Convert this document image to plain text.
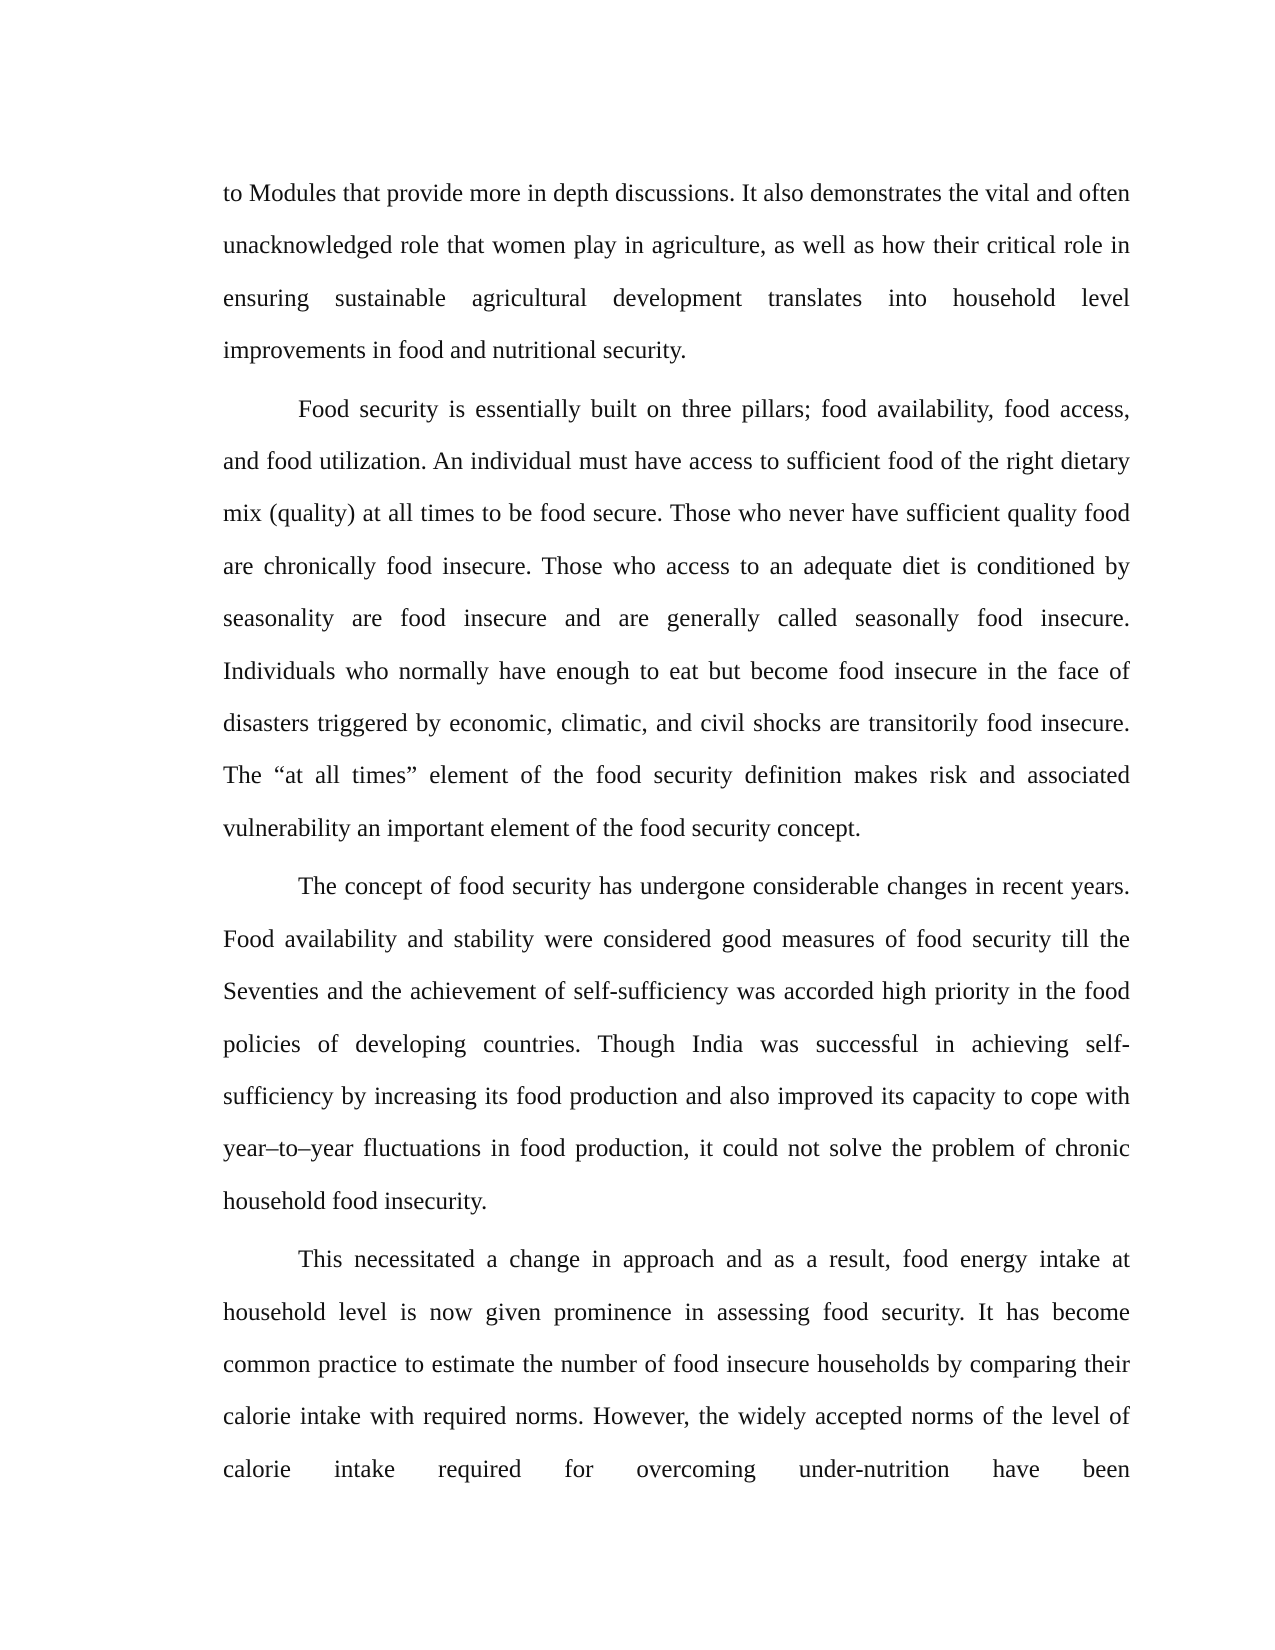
to Modules that provide more in depth discussions. It also demonstrates the vital and often unacknowledged role that women play in agriculture, as well as how their critical role in ensuring sustainable agricultural development translates into household level improvements in food and nutritional security.

Food security is essentially built on three pillars; food availability, food access, and food utilization. An individual must have access to sufficient food of the right dietary mix (quality) at all times to be food secure. Those who never have sufficient quality food are chronically food insecure. Those who access to an adequate diet is conditioned by seasonality are food insecure and are generally called seasonally food insecure. Individuals who normally have enough to eat but become food insecure in the face of disasters triggered by economic, climatic, and civil shocks are transitorily food insecure. The “at all times” element of the food security definition makes risk and associated vulnerability an important element of the food security concept.

The concept of food security has undergone considerable changes in recent years. Food availability and stability were considered good measures of food security till the Seventies and the achievement of self-sufficiency was accorded high priority in the food policies of developing countries. Though India was successful in achieving self-sufficiency by increasing its food production and also improved its capacity to cope with year–to–year fluctuations in food production, it could not solve the problem of chronic household food insecurity.

This necessitated a change in approach and as a result, food energy intake at household level is now given prominence in assessing food security. It has become common practice to estimate the number of food insecure households by comparing their calorie intake with required norms. However, the widely accepted norms of the level of calorie intake required for overcoming under-nutrition have been
